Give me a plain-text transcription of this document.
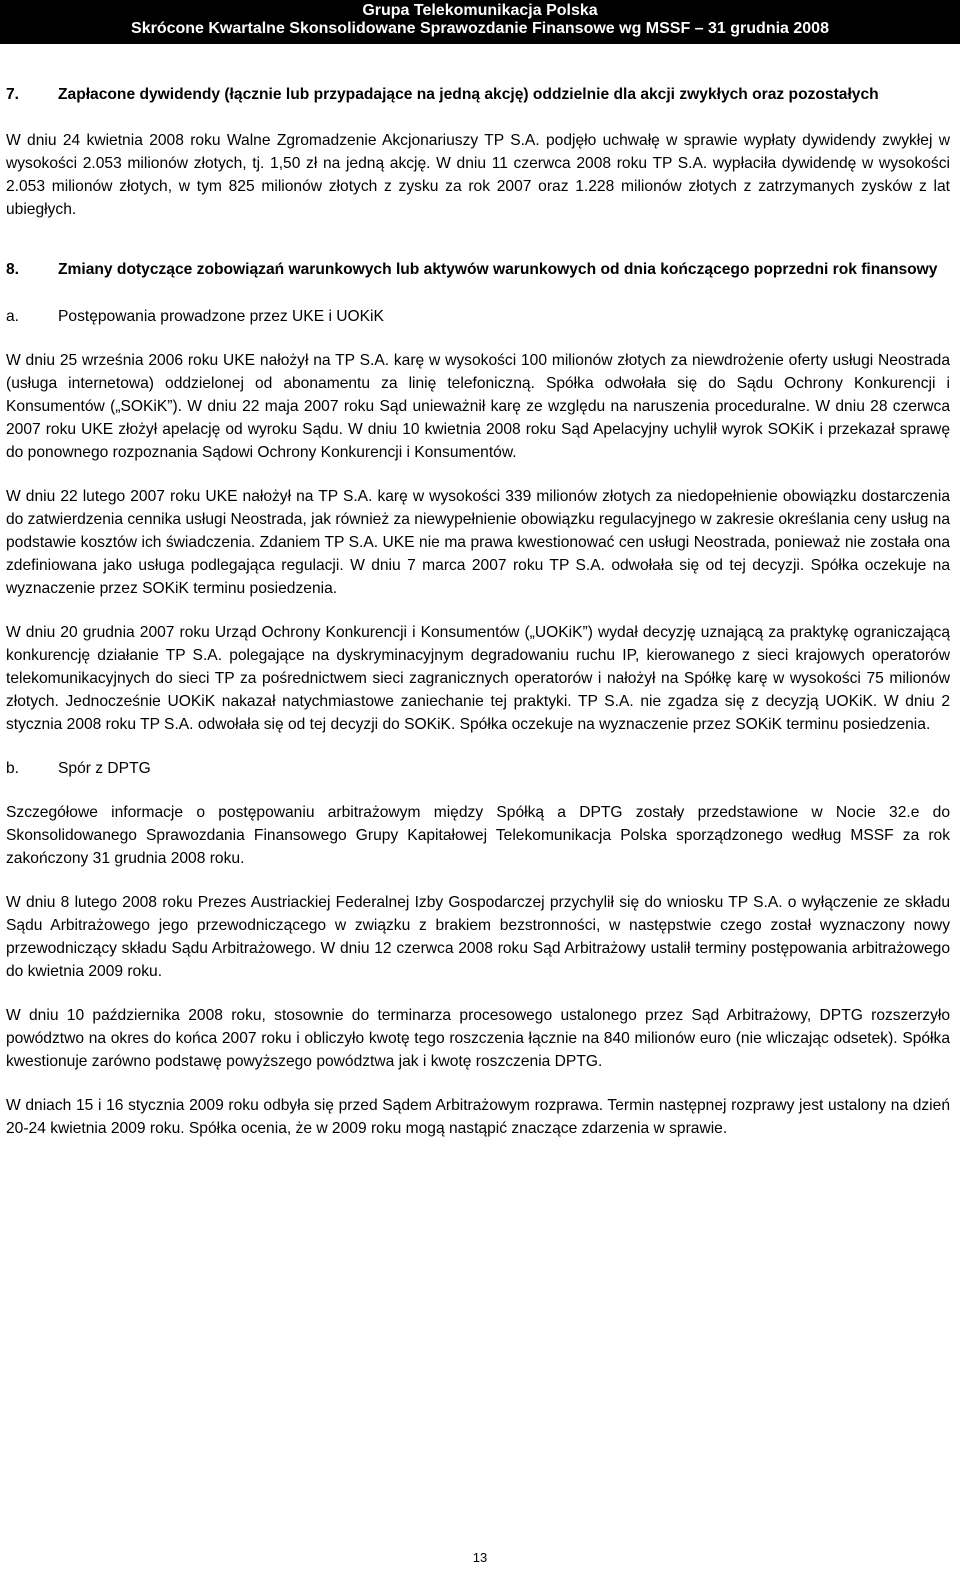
Grupa Telekomunikacja Polska
Skrócone Kwartalne Skonsolidowane Sprawozdanie Finansowe wg MSSF – 31 grudnia 2008
7.	Zapłacone dywidendy (łącznie lub przypadające na jedną akcję) oddzielnie dla akcji zwykłych oraz pozostałych

W dniu 24 kwietnia 2008 roku Walne Zgromadzenie Akcjonariuszy TP S.A. podjęło uchwałę w sprawie wypłaty dywidendy zwykłej w wysokości 2.053 milionów złotych, tj. 1,50 zł na jedną akcję. W dniu 11 czerwca 2008 roku TP S.A. wypłaciła dywidendę w wysokości 2.053 milionów złotych, w tym 825 milionów złotych z zysku za rok 2007 oraz 1.228 milionów złotych z zatrzymanych zysków z lat ubiegłych.

8.	Zmiany dotyczące zobowiązań warunkowych lub aktywów warunkowych od dnia kończącego poprzedni rok finansowy
a.	Postępowania prowadzone przez UKE i UOKiK

W dniu 25 września 2006 roku UKE nałożył na TP S.A. karę w wysokości 100 milionów złotych za niewdrożenie oferty usługi Neostrada (usługa internetowa) oddzielonej od abonamentu za linię telefoniczną. Spółka odwołała się do Sądu Ochrony Konkurencji i Konsumentów („SOKiK”). W dniu 22 maja 2007 roku Sąd unieważnił karę ze względu na naruszenia proceduralne. W dniu 28 czerwca 2007 roku UKE złożył apelację od wyroku Sądu. W dniu 10 kwietnia 2008 roku Sąd Apelacyjny uchylił wyrok SOKiK i przekazał sprawę do ponownego rozpoznania Sądowi Ochrony Konkurencji i Konsumentów.

W dniu 22 lutego 2007 roku UKE nałożył na TP S.A. karę w wysokości 339 milionów złotych za niedopełnienie obowiązku dostarczenia do zatwierdzenia cennika usługi Neostrada, jak również za niewypełnienie obowiązku regulacyjnego w zakresie określania ceny usług na podstawie kosztów ich świadczenia. Zdaniem TP S.A. UKE nie ma prawa kwestionować cen usługi Neostrada, ponieważ nie została ona zdefiniowana jako usługa podlegająca regulacji. W dniu 7 marca 2007 roku TP S.A. odwołała się od tej decyzji. Spółka oczekuje na wyznaczenie przez SOKiK terminu posiedzenia.

W dniu 20 grudnia 2007 roku Urząd Ochrony Konkurencji i Konsumentów („UOKiK”) wydał decyzję uznającą za praktykę ograniczającą konkurencję działanie TP S.A. polegające na dyskryminacyjnym degradowaniu ruchu IP, kierowanego z sieci krajowych operatorów telekomunikacyjnych do sieci TP za pośrednictwem sieci zagranicznych operatorów i nałożył na Spółkę karę w wysokości 75 milionów złotych. Jednocześnie UOKiK nakazał natychmiastowe zaniechanie tej praktyki. TP S.A. nie zgadza się z decyzją UOKiK. W dniu 2 stycznia 2008 roku TP S.A. odwołała się od tej decyzji do SOKiK. Spółka oczekuje na wyznaczenie przez SOKiK terminu posiedzenia.

b.	Spór z DPTG

Szczegółowe informacje o postępowaniu arbitrażowym między Spółką a DPTG zostały przedstawione w Nocie 32.e do Skonsolidowanego Sprawozdania Finansowego Grupy Kapitałowej Telekomunikacja Polska sporządzonego według MSSF za rok zakończony 31 grudnia 2008 roku.

W dniu 8 lutego 2008 roku Prezes Austriackiej Federalnej Izby Gospodarczej przychylił się do wniosku TP S.A. o wyłączenie ze składu Sądu Arbitrażowego jego przewodniczącego w związku z brakiem bezstronności, w następstwie czego został wyznaczony nowy przewodniczący składu Sądu Arbitrażowego. W dniu 12 czerwca 2008 roku Sąd Arbitrażowy ustalił terminy postępowania arbitrażowego do kwietnia 2009 roku.

W dniu 10 października 2008 roku, stosownie do terminarza procesowego ustalonego przez Sąd Arbitrażowy, DPTG rozszerzyło powództwo na okres do końca 2007 roku i obliczyło kwotę tego roszczenia łącznie na 840 milionów euro (nie wliczając odsetek). Spółka kwestionuje zarówno podstawę powyższego powództwa jak i kwotę roszczenia DPTG.

W dniach 15 i 16 stycznia 2009 roku odbyła się przed Sądem Arbitrażowym rozprawa. Termin następnej rozprawy jest ustalony na dzień 20-24 kwietnia 2009 roku. Spółka ocenia, że w 2009 roku mogą nastąpić znaczące zdarzenia w sprawie.

13
